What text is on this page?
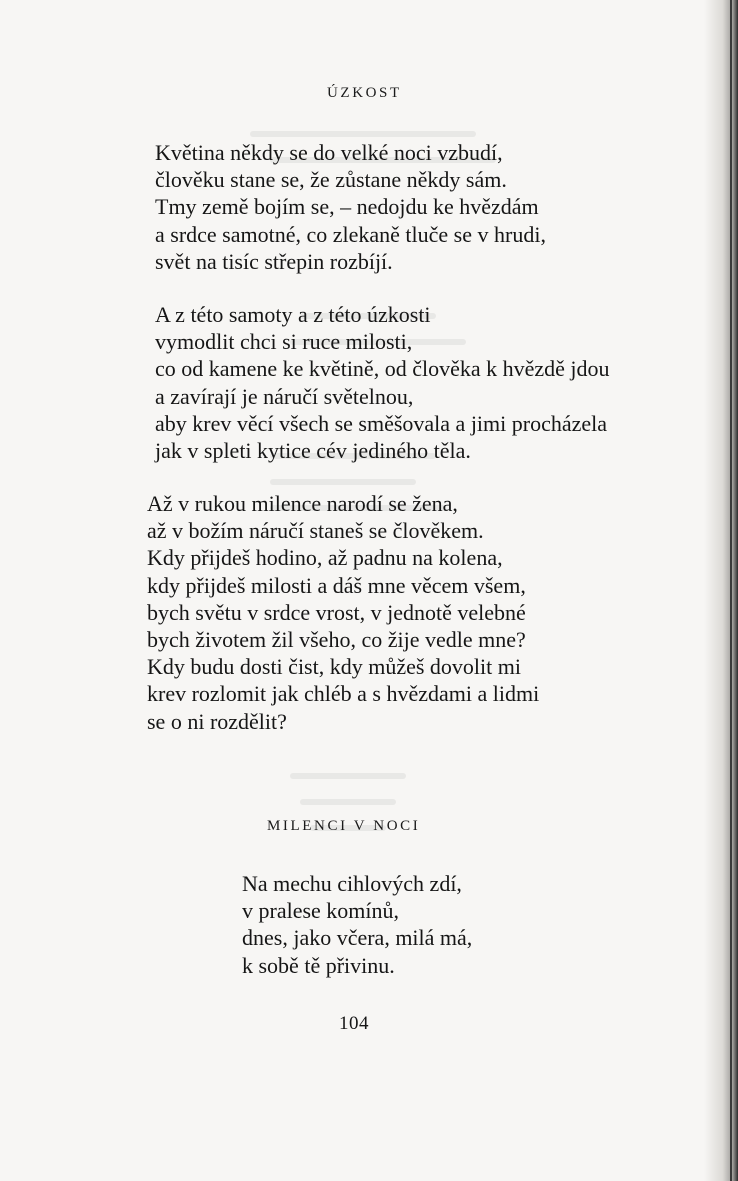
ÚZKOST
Květina někdy se do velké noci vzbudí,
člověku stane se, že zůstane někdy sám.
Tmy země bojím se, – nedojdu ke hvězdám
a srdce samotné, co zlekaně tluče se v hrudi,
svět na tisíc střepin rozbíjí.
A z této samoty a z této úzkosti
vymodlit chci si ruce milosti,
co od kamene ke květině, od člověka k hvězdě jdou
a zavírají je náručí světelnou,
aby krev věcí všech se směšovala a jimi procházela
jak v spleti kytice cév jediného těla.
Až v rukou milence narodí se žena,
až v božím náručí staneš se člověkem.
Kdy přijdeš hodino, až padnu na kolena,
kdy přijdeš milosti a dáš mne věcem všem,
bych světu v srdce vrost, v jednotě velebné
bych životem žil všeho, co žije vedle mne?
Kdy budu dosti čist, kdy můžeš dovolit mi
krev rozlomit jak chléb a s hvězdami a lidmi
se o ni rozdělit?
MILENCI V NOCI
Na mechu cihlových zdí,
v pralese komínů,
dnes, jako včera, milá má,
k sobě tě přivinu.
104
